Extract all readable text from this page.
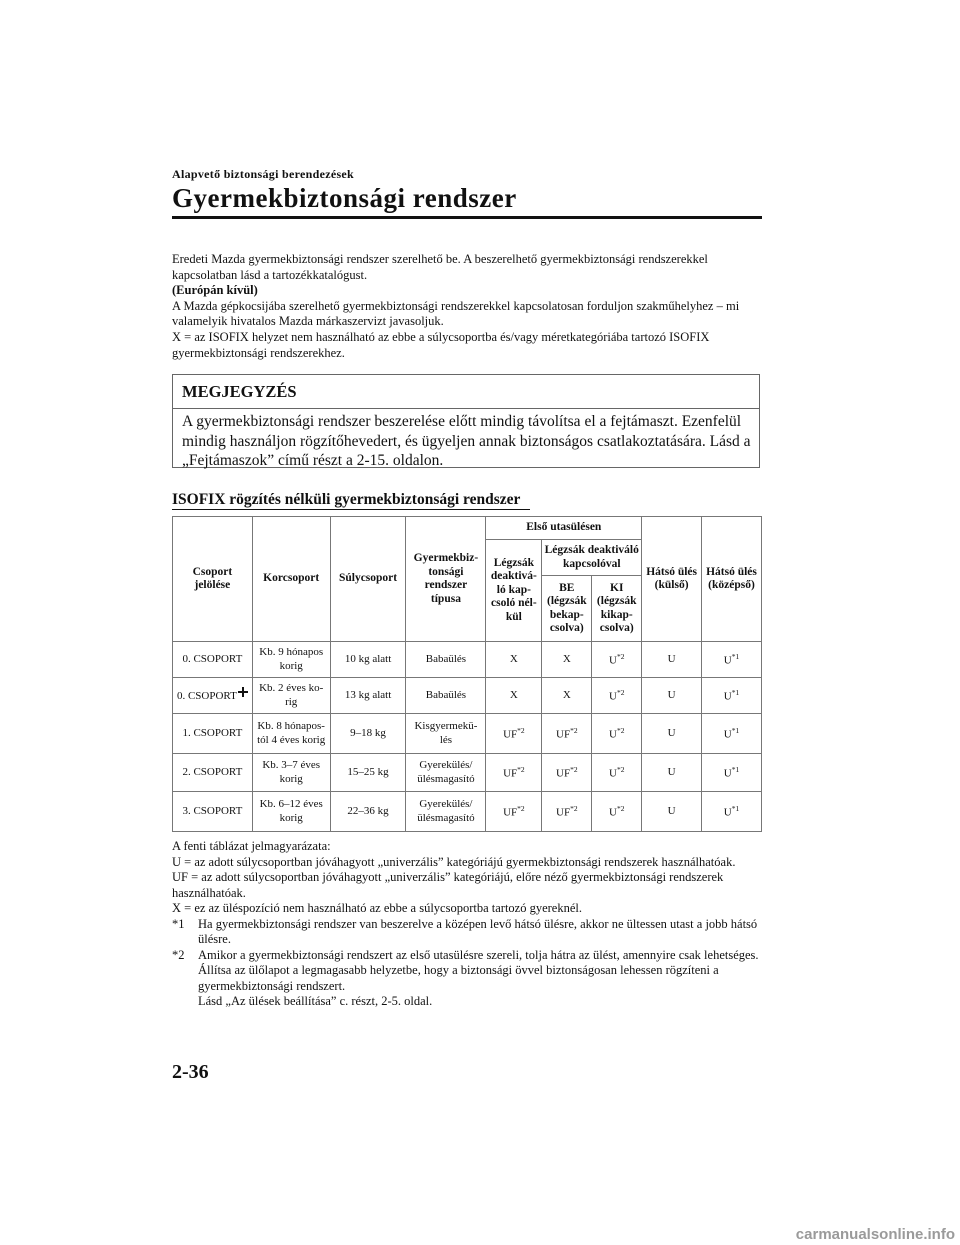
Alapvető biztonsági berendezések
Gyermekbiztonsági rendszer

Eredeti Mazda gyermekbiztonsági rendszer szerelhető be. A beszerelhető gyermekbiztonsági rendszerekkel kapcsolatban lásd a tartozékkatalógust.

(Európán kívül)

A Mazda gépkocsijába szerelhető gyermekbiztonsági rendszerekkel kapcsolatosan forduljon szakműhelyhez – mi valamelyik hivatalos Mazda márkaszervizt javasoljuk.

X = az ISOFIX helyzet nem használható az ebbe a súlycsoportba és/vagy méretkategóriába tartozó ISOFIX gyermekbiztonsági rendszerekhez.

MEGJEGYZÉS
A gyermekbiztonsági rendszer beszerelése előtt mindig távolítsa el a fejtámaszt. Ezenfelül mindig használjon rögzítőhevedert, és ügyeljen annak biztonságos csatlakoztatására. Lásd a „Fejtámaszok” című részt a 2-15. oldalon.
ISOFIX rögzítés nélküli gyermekbiztonsági rendszer
Csoport jelölése	Korcsoport	Súlycsoport	Gyermekbiz-tonsági rendszer típusa	Első utasülésen			Hátsó ülés (külső)	Hátsó ülés (középső)
				Légzsák deaktivá-ló kap-csoló nél-kül	Légzsák deaktiváló kapcsolóval			
					BE (légzsák bekap-csolva)	KI (légzsák kikap-csolva)		
0. CSOPORT	Kb. 9 hónapos korig	10 kg alatt	Babaülés	X	X	$U^{*2}$	U	$U^{*1}$
0. CSOPORT	Kb. 2 éves ko-rig	13 kg alatt	Babaülés	X	X	$U^{*2}$	U	$U^{*1}$
1. CSOPORT	Kb. 8 hónapos-tól 4 éves korig	9–18 kg	Kisgyermekü-lés	UF$^{*2}$	UF$^{*2}$	$U^{*2}$	U	$U^{*1}$
2. CSOPORT	Kb. 3–7 éves korig	15–25 kg	Gyerekülés/ ülésmagasító	UF$^{*2}$	UF$^{*2}$	$U^{*2}$	U	$U^{*1}$
3. CSOPORT	Kb. 6–12 éves korig	22–36 kg	Gyerekülés/ ülésmagasító	UF$^{*2}$	UF$^{*2}$	$U^{*2}$	U	$U^{*1}$

A fenti táblázat jelmagyarázata:

U = az adott súlycsoportban jóváhagyott „univerzális” kategóriájú gyermekbiztonsági rendszerek használhatóak.

UF = az adott súlycsoportban jóváhagyott „univerzális” kategóriájú, előre néző gyermekbiztonsági rendszerek használhatóak.

X = ez az üléspozíció nem használható az ebbe a súlycsoportba tartozó gyereknél.

*1 Ha gyermekbiztonsági rendszer van beszerelve a középen levő hátsó ülésre, akkor ne ültessen utast a jobb hátsó ülésre.

*2 Amikor a gyermekbiztonsági rendszert az első utasülésre szereli, tolja hátra az ülést, amennyire csak lehetséges. Állítsa az ülőlapot a legmagasabb helyzetbe, hogy a biztonsági övvel biztonságosan lehessen rögzíteni a gyermekbiztonsági rendszert.
Lásd „Az ülések beállítása” c. részt, 2-5. oldal.

2-36
carmanualsonline.info
